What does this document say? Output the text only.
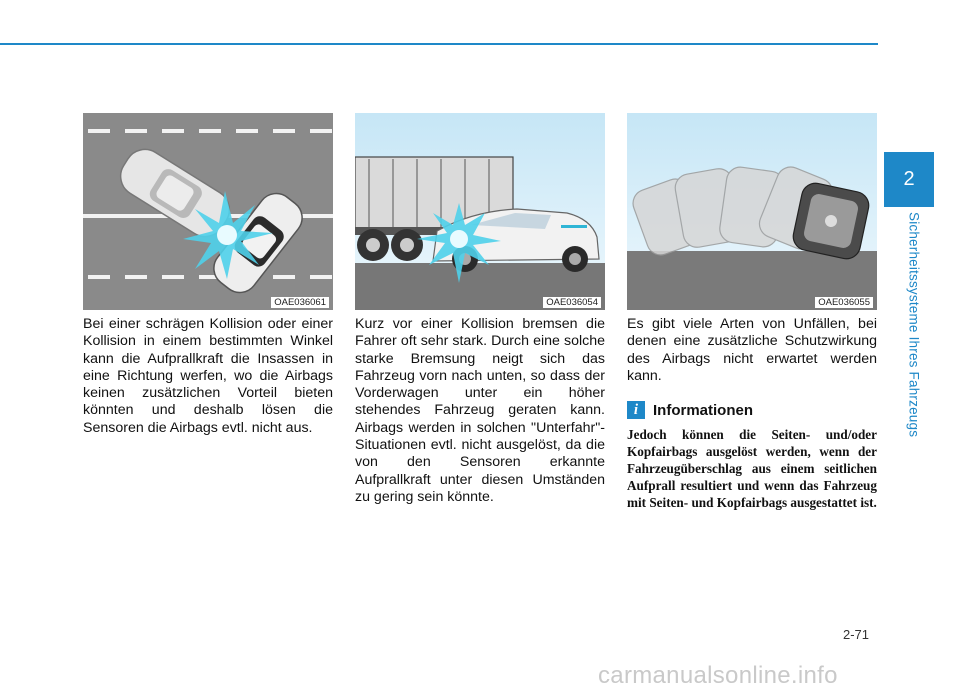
2
Sicherheitssysteme Ihres Fahrzeugs
OAE036061	OAE036054	OAE036055
Bei einer schrägen Kollision oder einer Kollision in einem bestimmten Winkel kann die Aufprallkraft die Insassen in eine Richtung werfen, wo die Airbags keinen zusätzlichen Vorteil bieten könnten und deshalb lösen die Sensoren die Airbags evtl. nicht aus.
Kurz vor einer Kollision bremsen die Fahrer oft sehr stark. Durch eine solche starke Bremsung neigt sich das Fahrzeug vorn nach unten, so dass der Vorderwagen unter ein höher stehendes Fahrzeug geraten kann. Airbags werden in solchen "Unterfahr"- Situationen evtl. nicht ausgelöst, da die von den Sensoren erkannte Aufprallkraft unter diesen Umständen zu gering sein könnte.
Es gibt viele Arten von Unfällen, bei denen eine zusätzliche Schutzwirkung des Airbags nicht erwartet werden kann.
i Informationen
Jedoch können die Seiten- und/oder Kopfairbags ausgelöst werden, wenn der Fahrzeugüberschlag aus einem seitlichen Aufprall resultiert und wenn das Fahrzeug mit Seiten- und Kopfairbags ausgestattet ist.
2-71
carmanualsonline.info
